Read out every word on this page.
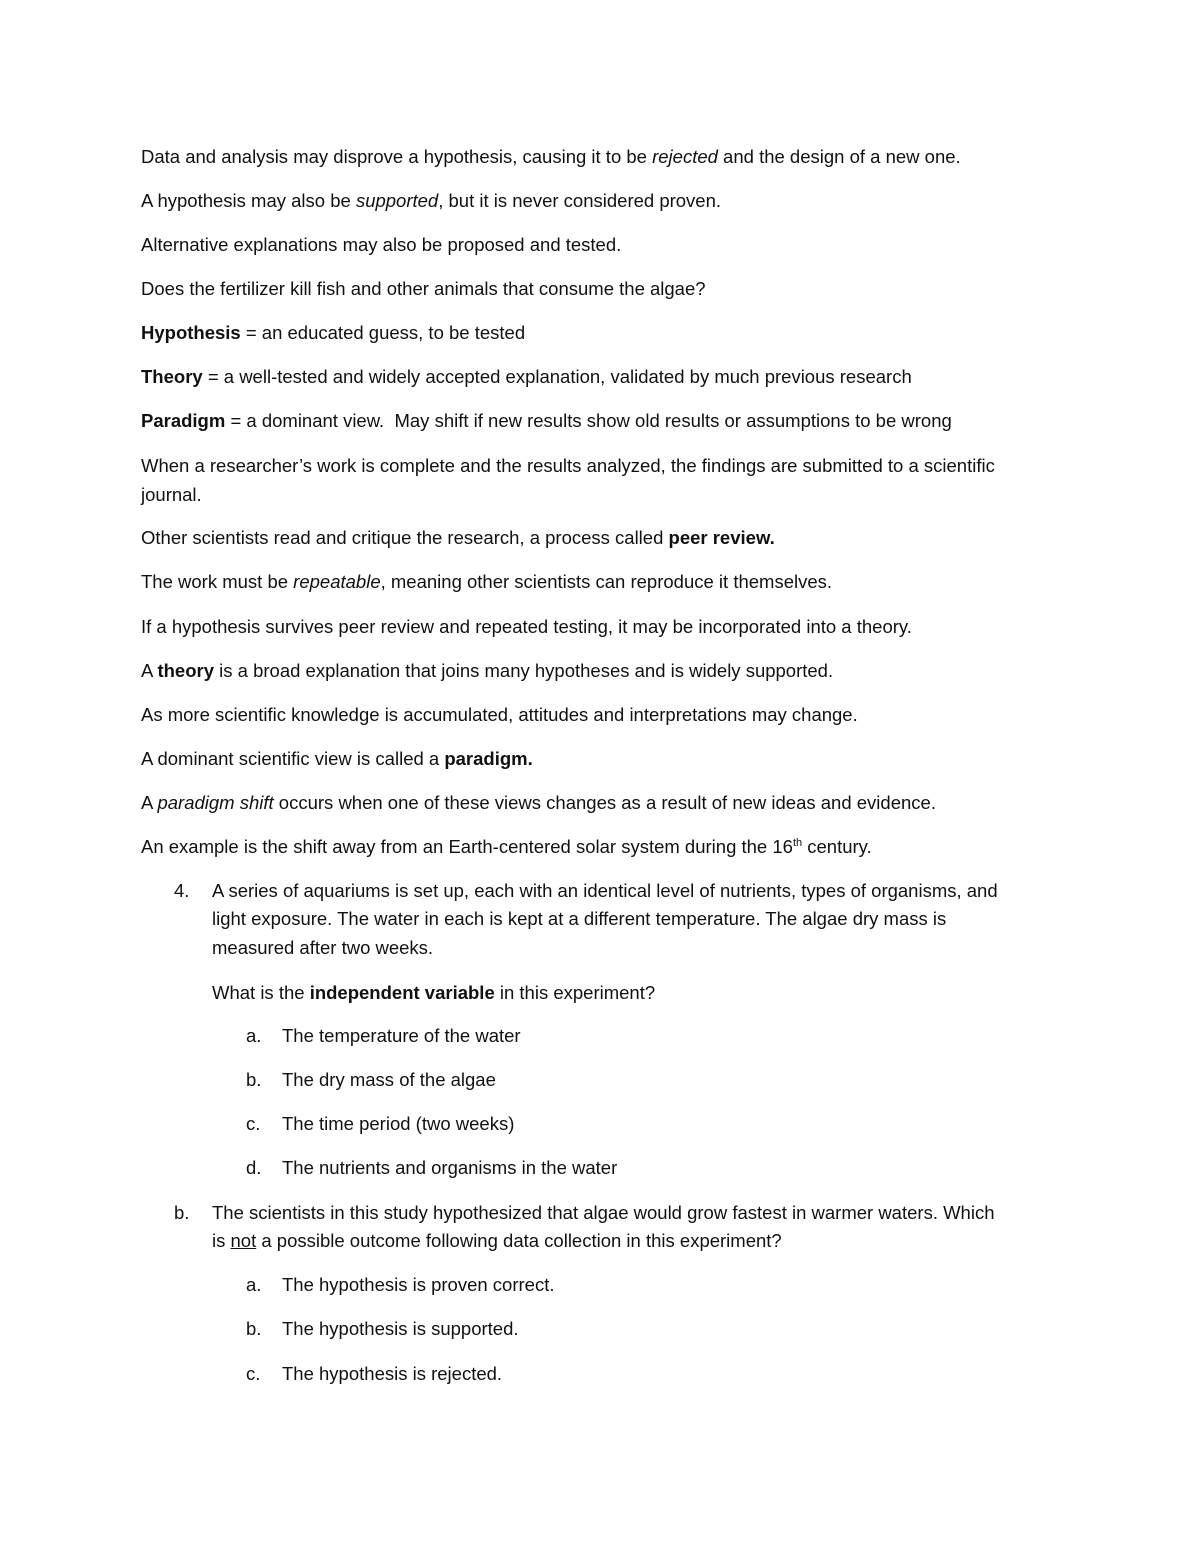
Data and analysis may disprove a hypothesis, causing it to be rejected and the design of a new one.
A hypothesis may also be supported, but it is never considered proven.
Alternative explanations may also be proposed and tested.
Does the fertilizer kill fish and other animals that consume the algae?
Hypothesis = an educated guess, to be tested
Theory = a well-tested and widely accepted explanation, validated by much previous research
Paradigm = a dominant view.  May shift if new results show old results or assumptions to be wrong
When a researcher’s work is complete and the results analyzed, the findings are submitted to a scientific
journal.
Other scientists read and critique the research, a process called peer review.
The work must be repeatable, meaning other scientists can reproduce it themselves.
If a hypothesis survives peer review and repeated testing, it may be incorporated into a theory.
A theory is a broad explanation that joins many hypotheses and is widely supported.
As more scientific knowledge is accumulated, attitudes and interpretations may change.
A dominant scientific view is called a paradigm.
A paradigm shift occurs when one of these views changes as a result of new ideas and evidence.
An example is the shift away from an Earth-centered solar system during the 16th century.
4. A series of aquariums is set up, each with an identical level of nutrients, types of organisms, and
light exposure. The water in each is kept at a different temperature. The algae dry mass is
measured after two weeks.
What is the independent variable in this experiment?
a. The temperature of the water
b. The dry mass of the algae
c. The time period (two weeks)
d. The nutrients and organisms in the water
b. The scientists in this study hypothesized that algae would grow fastest in warmer waters. Which
is not a possible outcome following data collection in this experiment?
a. The hypothesis is proven correct.
b. The hypothesis is supported.
c. The hypothesis is rejected.
